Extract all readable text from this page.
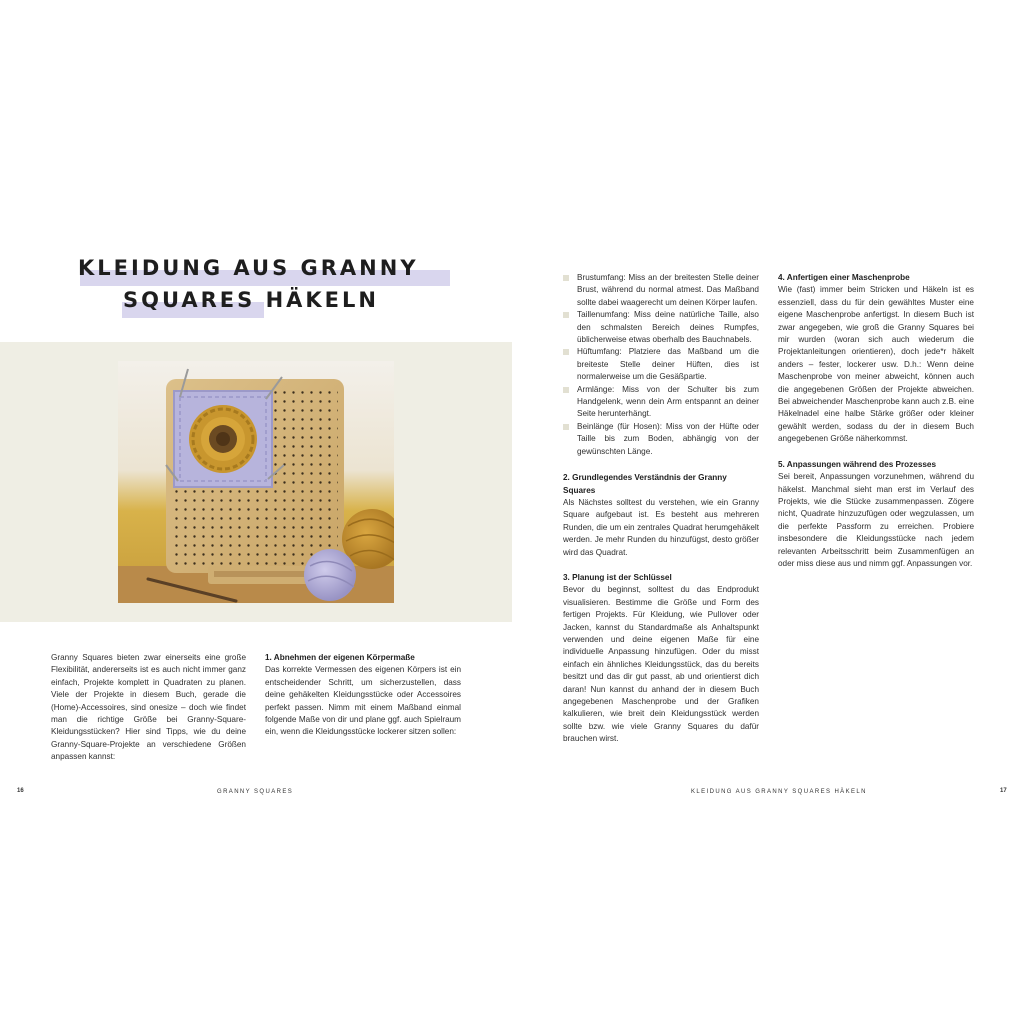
KLEIDUNG AUS GRANNY
SQUARES HÄKELN

Granny Squares bieten zwar einerseits eine große Flexibilität, andererseits ist es auch nicht immer ganz einfach, Projekte komplett in Quadraten zu planen. Viele der Projekte in diesem Buch, gerade die (Home)-Accessoires, sind onesize – doch wie findet man die richtige Größe bei Granny-Square-Kleidungsstücken? Hier sind Tipps, wie du deine Granny-Square-Projekte an verschiedene Größen anpassen kannst:

1. Abnehmen der eigenen Körpermaße
Das korrekte Vermessen des eigenen Körpers ist ein entscheidender Schritt, um sicherzustellen, dass deine gehäkelten Kleidungsstücke oder Accessoires perfekt passen. Nimm mit einem Maßband einmal folgende Maße von dir und plane ggf. auch Spielraum ein, wenn die Kleidungsstücke lockerer sitzen sollen:
Brustumfang: Miss an der breitesten Stelle deiner Brust, während du normal atmest. Das Maßband sollte dabei waagerecht um deinen Körper laufen.
Taillenumfang: Miss deine natürliche Taille, also den schmalsten Bereich deines Rumpfes, üblicherweise etwas oberhalb des Bauchnabels.
Hüftumfang: Platziere das Maßband um die breiteste Stelle deiner Hüften, dies ist normalerweise um die Gesäßpartie.
Armlänge: Miss von der Schulter bis zum Handgelenk, wenn dein Arm entspannt an deiner Seite herunterhängt.
Beinlänge (für Hosen): Miss von der Hüfte oder Taille bis zum Boden, abhängig von der gewünschten Länge.
2. Grundlegendes Verständnis der Granny Squares
Als Nächstes solltest du verstehen, wie ein Granny Square aufgebaut ist. Es besteht aus mehreren Runden, die um ein zentrales Quadrat herumgehäkelt werden. Je mehr Runden du hinzufügst, desto größer wird das Quadrat.
3. Planung ist der Schlüssel
Bevor du beginnst, solltest du das Endprodukt visualisieren. Bestimme die Größe und Form des fertigen Projekts. Für Kleidung, wie Pullover oder Jacken, kannst du Standardmaße als Anhaltspunkt verwenden und deine eigenen Maße für eine individuelle Anpassung hinzufügen. Oder du misst einfach ein ähnliches Kleidungsstück, das du bereits besitzt und das dir gut passt, ab und orientierst dich daran! Nun kannst du anhand der in diesem Buch angegebenen Maschenprobe und der Grafiken kalkulieren, wie breit dein Kleidungsstück werden sollte bzw. wie viele Granny Squares du dafür brauchen wirst.
4. Anfertigen einer Maschenprobe
Wie (fast) immer beim Stricken und Häkeln ist es essenziell, dass du für dein gewähltes Muster eine eigene Maschenprobe anfertigst. In diesem Buch ist zwar angegeben, wie groß die Granny Squares bei mir wurden (woran sich auch wiederum die Projektanleitungen orientieren), doch jede*r häkelt anders – fester, lockerer usw. D.h.: Wenn deine Maschenprobe von meiner abweicht, können auch die angegebenen Größen der Projekte abweichen. Bei abweichender Maschenprobe kann auch z.B. eine Häkelnadel eine halbe Stärke größer oder kleiner gewählt werden, sodass du der in diesem Buch angegebenen Größe näherkommst.
5. Anpassungen während des Prozesses
Sei bereit, Anpassungen vorzunehmen, während du häkelst. Manchmal sieht man erst im Verlauf des Projekts, wie die Stücke zusammenpassen. Zögere nicht, Quadrate hinzuzufügen oder wegzulassen, um die perfekte Passform zu erreichen. Probiere insbesondere die Kleidungsstücke nach jedem relevanten Arbeitsschritt beim Zusammenfügen an oder miss diese aus und nimm ggf. Anpassungen vor.
16	GRANNY SQUARES	KLEIDUNG AUS GRANNY SQUARES HÄKELN	17
